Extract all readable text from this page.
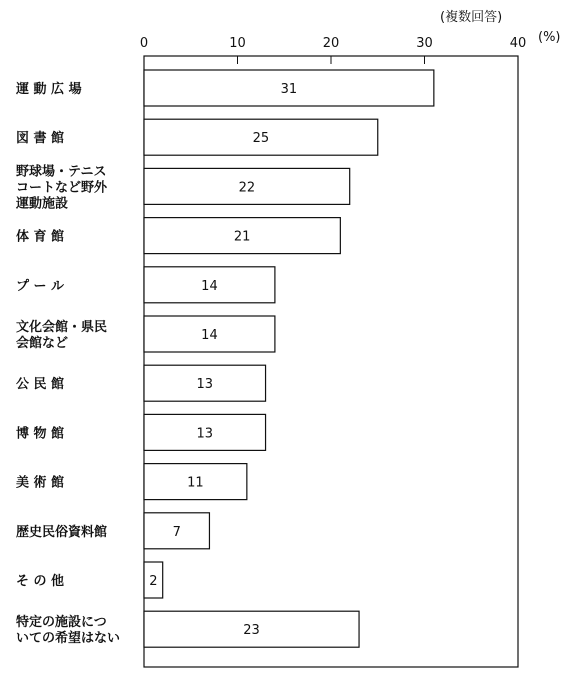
(複数回答)
(%)
0	10	20	30	40
運 動 広 場
図 書 館
野球場・テニス
コートなど野外
運動施設
体 育 館
プ ー ル
文化会館・県民
会館など
公 民 館
博 物 館
美 術 館
歴史民俗資料館
そ の 他
特定の施設につ
いての希望はない
31
25
22
21
14
14
13
13
11
7
2
23
